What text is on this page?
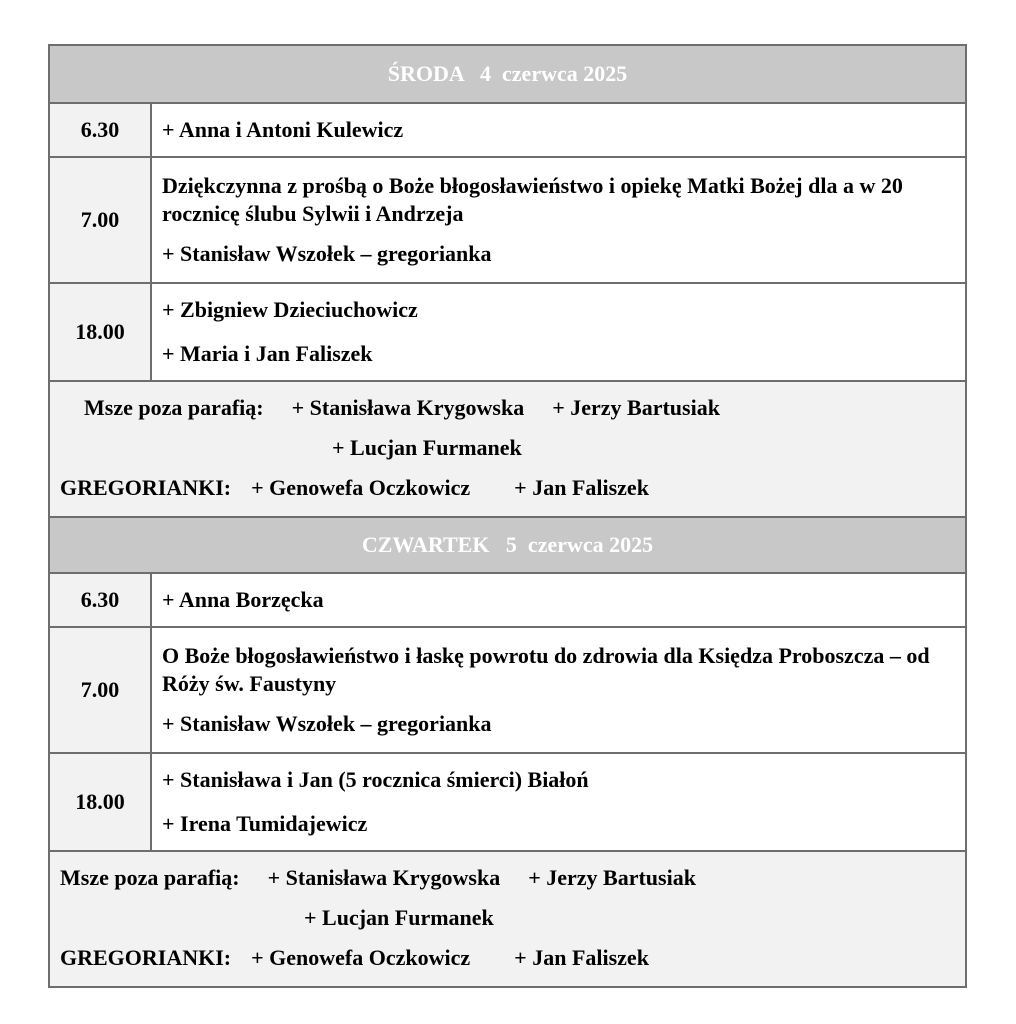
ŚRODA   4  czerwca 2025
6.30	+ Anna i Antoni Kulewicz
7.00
Dziękczynna z prośbą o Boże błogosławieństwo i opiekę Matki Bożej dla a w 20 rocznicę ślubu Sylwii i Andrzeja
+ Stanisław Wszołek – gregorianka
18.00
+ Zbigniew Dzieciuchowicz
+ Maria i Jan Faliszek
Msze poza parafią: + Stanisława Krygowska + Jerzy Bartusiak
+ Lucjan Furmanek
GREGORIANKI: + Genowefa Oczkowicz + Jan Faliszek
CZWARTEK   5  czerwca 2025
6.30	+ Anna Borzęcka
7.00
O Boże błogosławieństwo i łaskę powrotu do zdrowia dla Księdza Proboszcza – od Róży św. Faustyny
+ Stanisław Wszołek – gregorianka
18.00
+ Stanisława i Jan (5 rocznica śmierci) Białoń
+ Irena Tumidajewicz
Msze poza parafią: + Stanisława Krygowska + Jerzy Bartusiak
+ Lucjan Furmanek
GREGORIANKI: + Genowefa Oczkowicz + Jan Faliszek
